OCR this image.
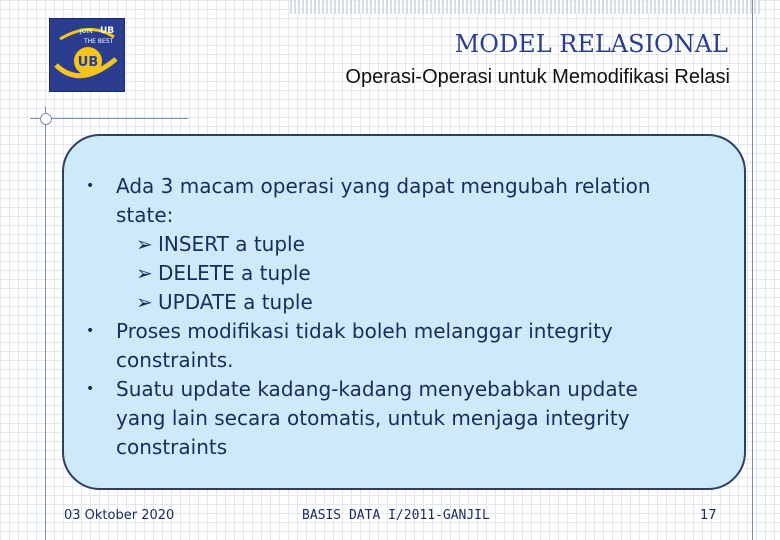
UB
JOIN UB
THE BEST	MODEL RELASIONAL
Operasi-Operasi untuk Memodifikasi Relasi
• Ada 3 macam operasi yang dapat mengubah relation
state:
➢ INSERT a tuple
➢ DELETE a tuple
➢ UPDATE a tuple
• Proses modifikasi tidak boleh melanggar integrity
constraints.
• Suatu update kadang-kadang menyebabkan update
yang lain secara otomatis, untuk menjaga integrity
constraints
03 Oktober 2020	BASIS DATA I/2011-GANJIL	17
